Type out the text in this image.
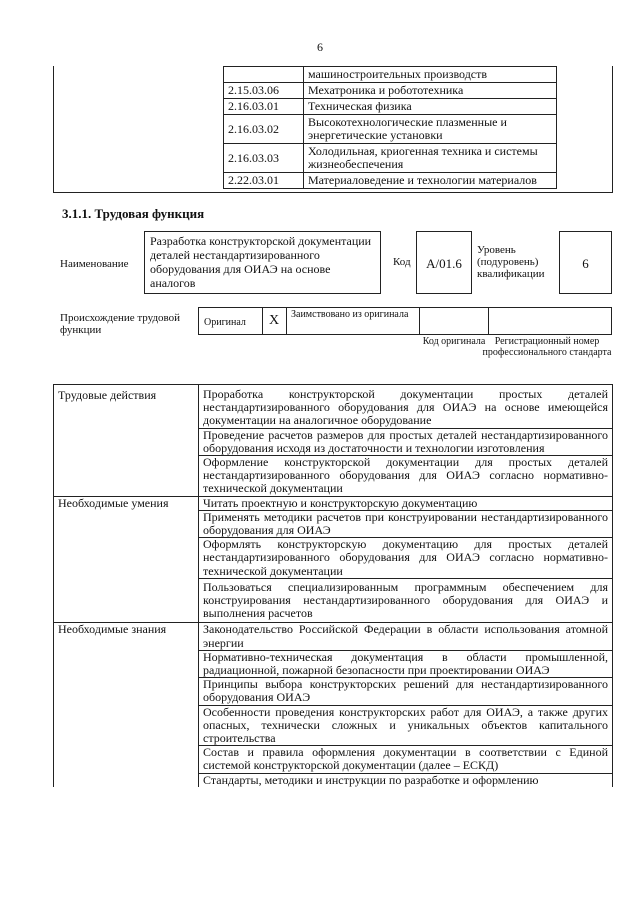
6
	машиностроительных производств
2.15.03.06	Мехатроника и робототехника
2.16.03.01	Техническая физика
2.16.03.02	Высокотехнологические плазменные и энергетические установки
2.16.03.03	Холодильная, криогенная техника и системы жизнеобеспечения
2.22.03.01	Материаловедение и технологии материалов
3.1.1. Трудовая функция
Наименование
Разработка конструкторской документации деталей нестандартизированного оборудования для ОИАЭ на основе аналогов
Код	A/01.6
Уровень (подуровень) квалификации
6
Происхождение трудовой функции
Оригинал	X	Заимствовано из оригинала
Код оригинала Регистрационный номер профессионального стандарта
Трудовые действия	Проработка конструкторской документации простых деталей нестандартизированного оборудования для ОИАЭ на основе имеющейся документации на аналогичное оборудование
	Проведение расчетов размеров для простых деталей нестандартизированного оборудования исходя из достаточности и технологии изготовления
	Оформление конструкторской документации для простых деталей нестандартизированного оборудования для ОИАЭ согласно нормативно-технической документации
Необходимые умения	Читать проектную и конструкторскую документацию
	Применять методики расчетов при конструировании нестандартизированного оборудования для ОИАЭ
	Оформлять конструкторскую документацию для простых деталей нестандартизированного оборудования для ОИАЭ согласно нормативно-технической документации
	Пользоваться специализированным программным обеспечением для конструирования нестандартизированного оборудования для ОИАЭ и выполнения расчетов
Необходимые знания	Законодательство Российской Федерации в области использования атомной энергии
	Нормативно-техническая документация в области промышленной, радиационной, пожарной безопасности при проектировании ОИАЭ
	Принципы выбора конструкторских решений для нестандартизированного оборудования ОИАЭ
	Особенности проведения конструкторских работ для ОИАЭ, а также других опасных, технически сложных и уникальных объектов капитального строительства
	Состав и правила оформления документации в соответствии с Единой системой конструкторской документации (далее – ЕСКД)
	Стандарты, методики и инструкции по разработке и оформлению
